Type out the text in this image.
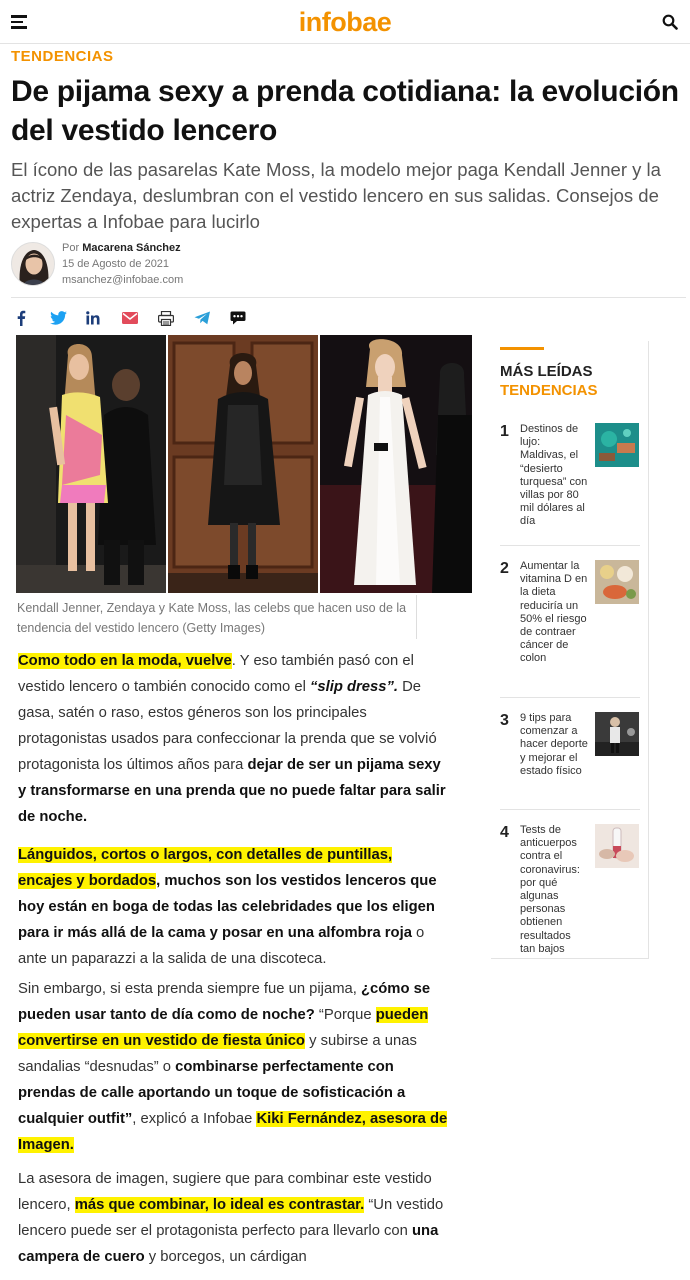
infobae
TENDENCIAS
De pijama sexy a prenda cotidiana: la evolución del vestido lencero

El ícono de las pasarelas Kate Moss, la modelo mejor paga Kendall Jenner y la actriz Zendaya, deslumbran con el vestido lencero en sus salidas. Consejos de expertas a Infobae para lucirlo

Por Macarena Sánchez
15 de Agosto de 2021
msanchez@infobae.com
Kendall Jenner, Zendaya y Kate Moss, las celebs que hacen uso de la tendencia del vestido lencero (Getty Images)

Como todo en la moda, vuelve. Y eso también pasó con el vestido lencero o también conocido como el “slip dress”. De gasa, satén o raso, estos géneros son los principales protagonistas usados para confeccionar la prenda que se volvió protagonista los últimos años para dejar de ser un pijama sexy y transformarse en una prenda que no puede faltar para salir de noche.

Lánguidos, cortos o largos, con detalles de puntillas, encajes y bordados, muchos son los vestidos lenceros que hoy están en boga de todas las celebridades que los eligen para ir más allá de la cama y posar en una alfombra roja o ante un paparazzi a la salida de una discoteca.

Sin embargo, si esta prenda siempre fue un pijama, ¿cómo se pueden usar tanto de día como de noche? “Porque pueden convertirse en un vestido de fiesta único y subirse a unas sandalias “desnudas” o combinarse perfectamente con prendas de calle aportando un toque de sofisticación a cualquier outfit”, explicó a Infobae Kiki Fernández, asesora de Imagen.

La asesora de imagen, sugiere que para combinar este vestido lencero, más que combinar, lo ideal es contrastar. “Un vestido lencero puede ser el protagonista perfecto para llevarlo con una campera de cuero y borcegos, un cárdigan

MÁS LEÍDAS
TENDENCIAS
1 Destinos de lujo: Maldivas, el “desierto turquesa” con villas por 80 mil dólares al día
2 Aumentar la vitamina D en la dieta reduciría un 50% el riesgo de contraer cáncer de colon
3 9 tips para comenzar a hacer deporte y mejorar el estado físico
4 Tests de anticuerpos contra el coronavirus: por qué algunas personas obtienen resultados tan bajos
